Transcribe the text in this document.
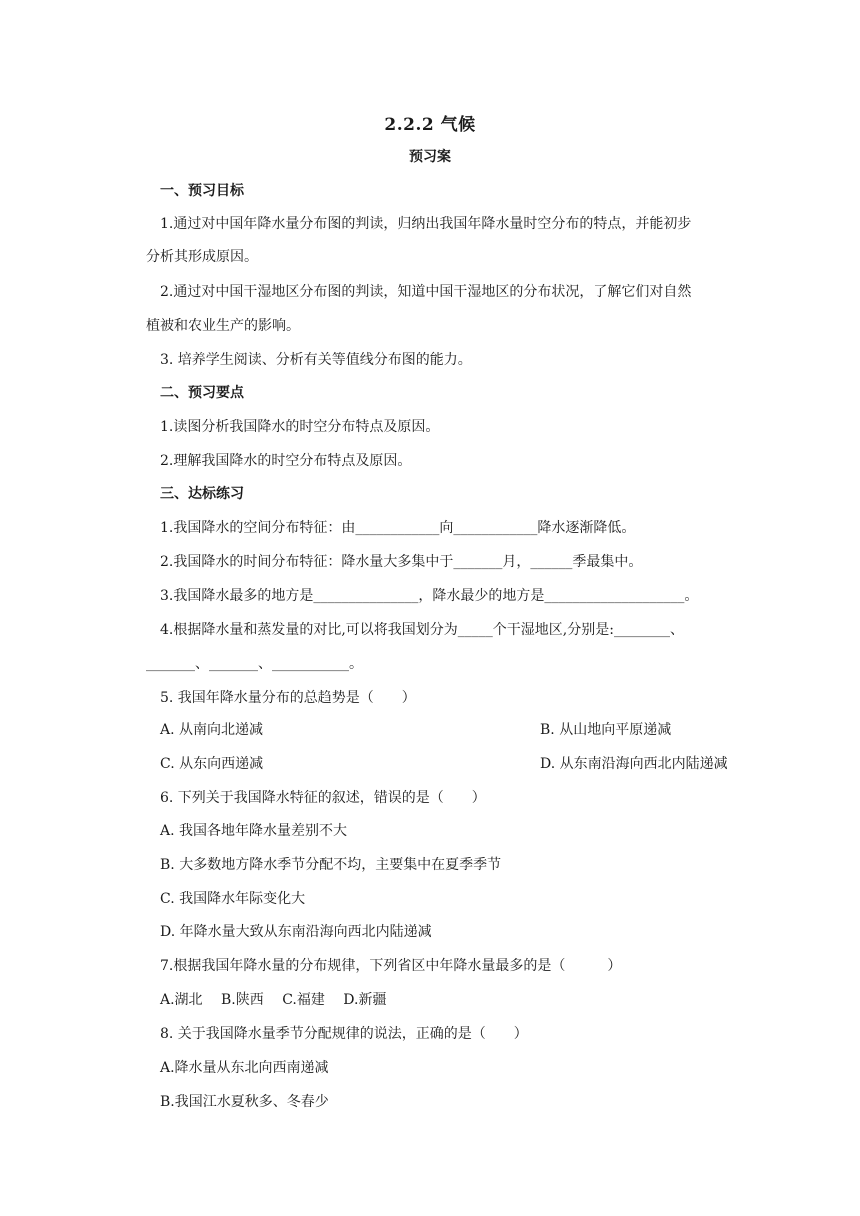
2.2.2 气候
预习案
一、预习目标
1.通过对中国年降水量分布图的判读，归纳出我国年降水量时空分布的特点，并能初步
分析其形成原因。
2.通过对中国干湿地区分布图的判读，知道中国干湿地区的分布状况，了解它们对自然
植被和农业生产的影响。
3. 培养学生阅读、分析有关等值线分布图的能力。
二、预习要点
1.读图分析我国降水的时空分布特点及原因。
2.理解我国降水的时空分布特点及原因。
三、达标练习
1.我国降水的空间分布特征：由____________向____________降水逐渐降低。
2.我国降水的时间分布特征：降水量大多集中于_______月，______季最集中。
3.我国降水最多的地方是_______________，降水最少的地方是____________________。
4.根据降水量和蒸发量的对比,可以将我国划分为_____个干湿地区,分别是:________、
_______、_______、___________。
5. 我国年降水量分布的总趋势是（　　）
A. 从南向北递减	B. 从山地向平原递减
C. 从东向西递减	D. 从东南沿海向西北内陆递减
6. 下列关于我国降水特征的叙述，错误的是（　　）
A. 我国各地年降水量差别不大
B. 大多数地方降水季节分配不均，主要集中在夏季季节
C. 我国降水年际变化大
D. 年降水量大致从东南沿海向西北内陆递减
7.根据我国年降水量的分布规律，下列省区中年降水量最多的是（　　　）
A.湖北　 B.陕西　 C.福建　 D.新疆
8. 关于我国降水量季节分配规律的说法，正确的是（　　）
A.降水量从东北向西南递减
B.我国江水夏秋多、冬春少
